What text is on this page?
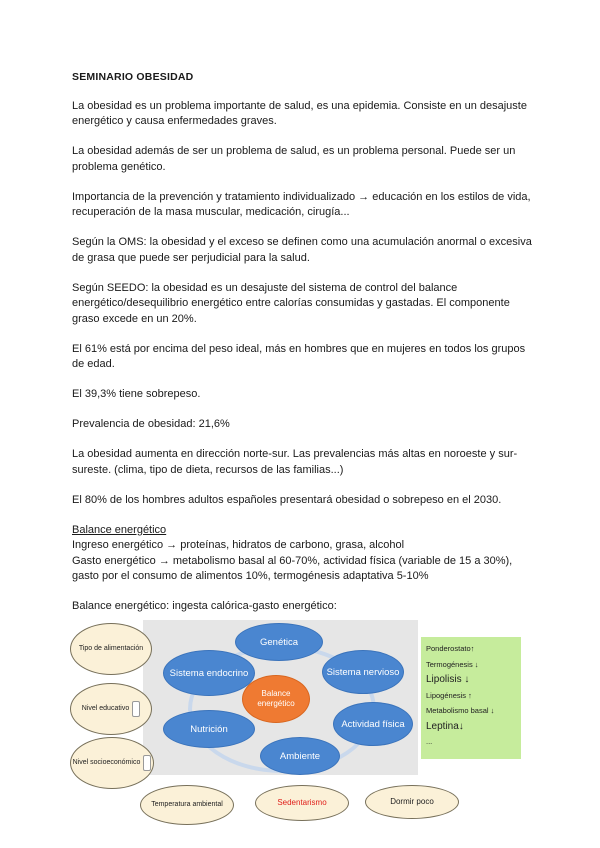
SEMINARIO OBESIDAD

La obesidad es un problema importante de salud, es una epidemia. Consiste en un desajuste energético y causa enfermedades graves.

La obesidad además de ser un problema de salud, es un problema personal. Puede ser un problema genético.

Importancia de la prevención y tratamiento individualizado → educación en los estilos de vida, recuperación de la masa muscular, medicación, cirugía...

Según la OMS: la obesidad y el exceso se definen como una acumulación anormal o excesiva de grasa que puede ser perjudicial para la salud.

Según SEEDO: la obesidad es un desajuste del sistema de control del balance energético/desequilibrio energético entre calorías consumidas y gastadas. El componente graso excede en un 20%.

El 61% está por encima del peso ideal, más en hombres que en mujeres en todos los grupos de edad.

El 39,3% tiene sobrepeso.

Prevalencia de obesidad: 21,6%

La obesidad aumenta en dirección norte-sur. Las prevalencias más altas en noroeste y sur-sureste. (clima, tipo de dieta, recursos de las familias...)

El 80% de los hombres adultos españoles presentará obesidad o sobrepeso en el 2030.

Balance energético

Ingreso energético → proteínas, hidratos de carbono, grasa, alcohol

Gasto energético → metabolismo basal al 60-70%, actividad física (variable de 15 a 30%), gasto por el consumo de alimentos 10%, termogénesis adaptativa 5-10%

Balance energético: ingesta calórica-gasto energético:

Genética
Sistema nervioso
Actividad física
Ambiente
Nutrición
Sistema endocrino
Balance energético
Tipo de alimentación
Nivel educativo
Nivel socioeconómico
Temperatura ambiental	Sedentarismo	Dormir poco
Ponderostato↑
Termogénesis ↓
Lipolisis ↓
Lipogénesis ↑
Metabolismo basal ↓
Leptina↓
...
